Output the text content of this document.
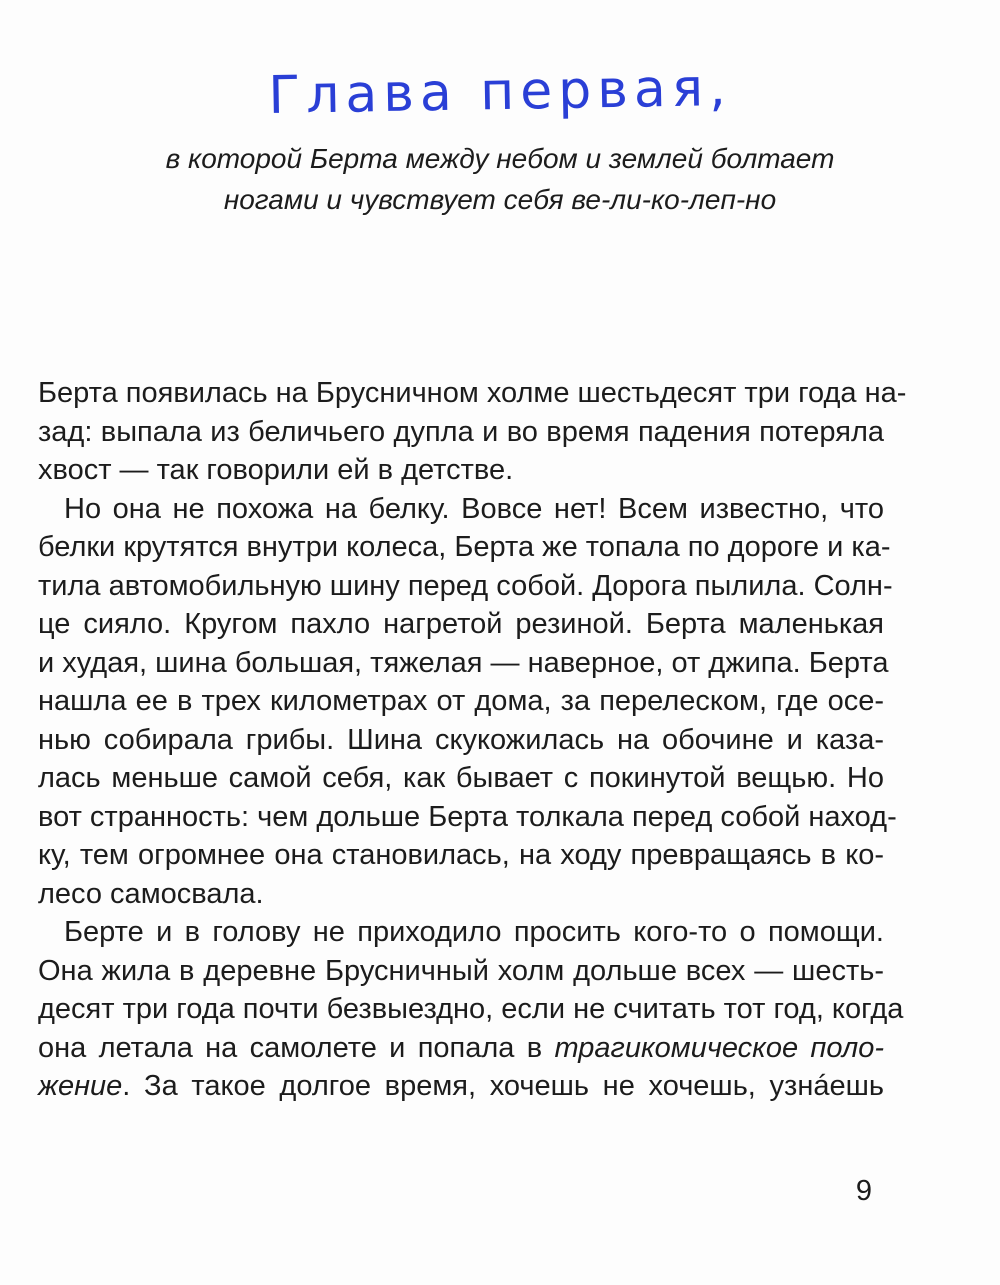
Глава первая,
в которой Берта между небом и землей болтает
ногами и чувствует себя ве-ли-ко-леп-но
Берта появилась на Брусничном холме шестьдесят три года на-
зад: выпала из беличьего дупла и во время падения потеряла
хвост — так говорили ей в детстве.
Но она не похожа на белку. Вовсе нет! Всем известно, что
белки крутятся внутри колеса, Берта же топала по дороге и ка-
тила автомобильную шину перед собой. Дорога пылила. Солн-
це сияло. Кругом пахло нагретой резиной. Берта маленькая
и худая, шина большая, тяжелая — наверное, от джипа. Берта
нашла ее в трех километрах от дома, за перелеском, где осе-
нью собирала грибы. Шина скукожилась на обочине и каза-
лась меньше самой себя, как бывает с покинутой вещью. Но
вот странность: чем дольше Берта толкала перед собой наход-
ку, тем огромнее она становилась, на ходу превращаясь в ко-
лесо самосвала.
Берте и в голову не приходило просить кого-то о помощи.
Она жила в деревне Брусничный холм дольше всех — шесть-
десят три года почти безвыездно, если не считать тот год, когда
она летала на самолете и попала в трагикомическое поло-
жение. За такое долгое время, хочешь не хочешь, узнáешь
9
